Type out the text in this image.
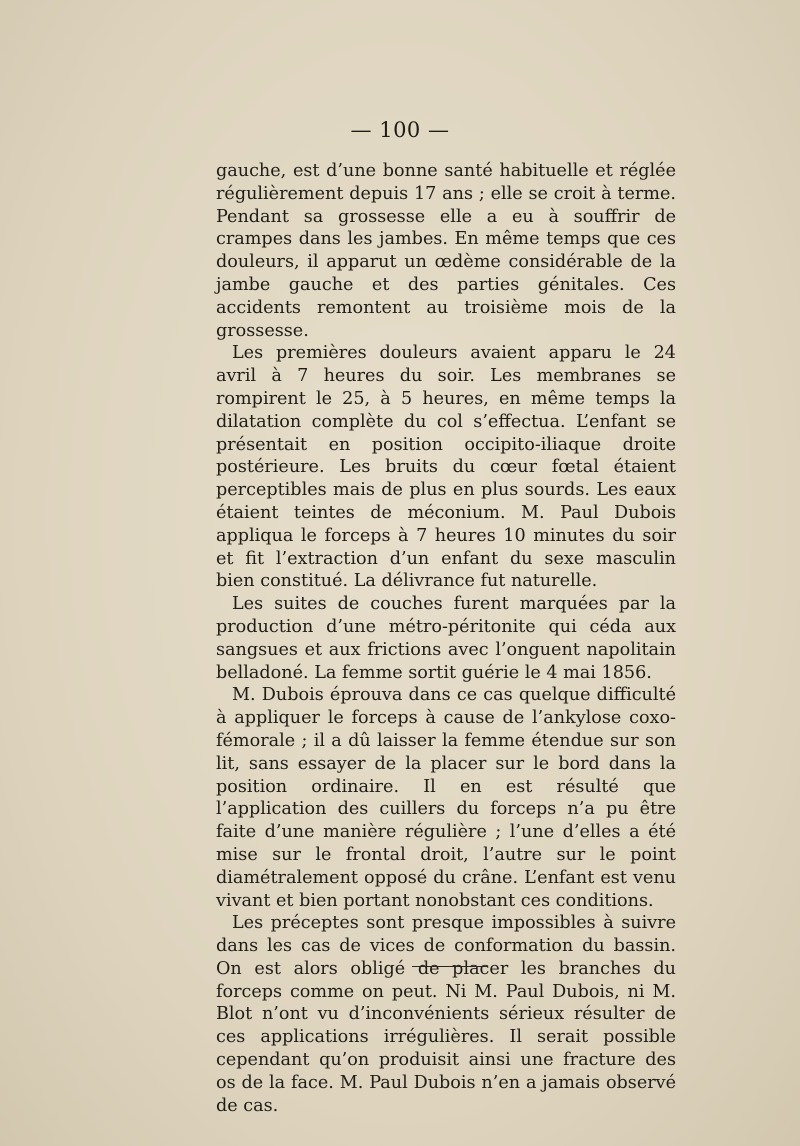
— 100 —

gauche, est d’une bonne santé habituelle et réglée régulièrement depuis 17 ans ; elle se croit à terme. Pendant sa grossesse elle a eu à souffrir de crampes dans les jambes. En même temps que ces douleurs, il apparut un œdème considérable de la jambe gauche et des parties génitales. Ces accidents remontent au troisième mois de la grossesse.

Les premières douleurs avaient apparu le 24 avril à 7 heures du soir. Les membranes se rompirent le 25, à 5 heures, en même temps la dilatation complète du col s’effectua. L’enfant se présentait en position occipito-iliaque droite postérieure. Les bruits du cœur fœtal étaient perceptibles mais de plus en plus sourds. Les eaux étaient teintes de méconium. M. Paul Dubois appliqua le forceps à 7 heures 10 minutes du soir et fit l’extraction d’un enfant du sexe masculin bien constitué. La délivrance fut naturelle.

Les suites de couches furent marquées par la production d’une métro-péritonite qui céda aux sangsues et aux frictions avec l’onguent napolitain belladoné. La femme sortit guérie le 4 mai 1856.

M. Dubois éprouva dans ce cas quelque difficulté à appliquer le forceps à cause de l’ankylose coxo-fémorale ; il a dû laisser la femme étendue sur son lit, sans essayer de la placer sur le bord dans la position ordinaire. Il en est résulté que l’application des cuillers du forceps n’a pu être faite d’une manière régulière ; l’une d’elles a été mise sur le frontal droit, l’autre sur le point diamétralement opposé du crâne. L’enfant est venu vivant et bien portant nonobstant ces conditions.

Les préceptes sont presque impossibles à suivre dans les cas de vices de conformation du bassin. On est alors obligé de placer les branches du forceps comme on peut. Ni M. Paul Dubois, ni M. Blot n’ont vu d’inconvénients sérieux résulter de ces applications irrégulières. Il serait possible cependant qu’on produisit ainsi une fracture des os de la face. M. Paul Dubois n’en a jamais observé de cas.
